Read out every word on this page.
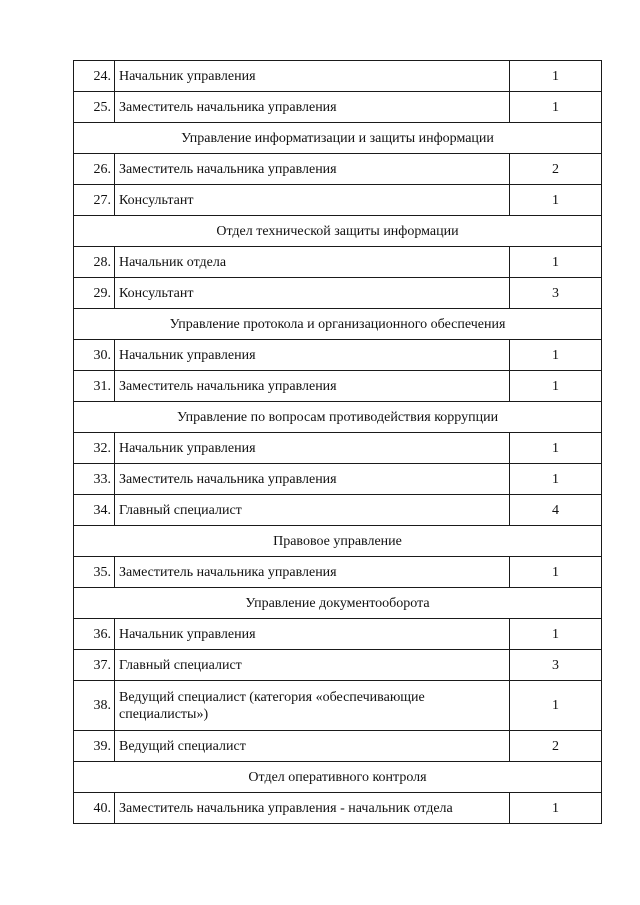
24.	Начальник управления	1
25.	Заместитель начальника управления	1
Управление информатизации и защиты информации		
26.	Заместитель начальника управления	2
27.	Консультант	1
Отдел технической защиты информации		
28.	Начальник отдела	1
29.	Консультант	3
Управление протокола и организационного обеспечения		
30.	Начальник управления	1
31.	Заместитель начальника управления	1
Управление по вопросам противодействия коррупции		
32.	Начальник управления	1
33.	Заместитель начальника управления	1
34.	Главный специалист	4
Правовое управление		
35.	Заместитель начальника управления	1
Управление документооборота		
36.	Начальник управления	1
37.	Главный специалист	3
38.	Ведущий специалист (категория «обеспечивающие специалисты»)	1
39.	Ведущий специалист	2
Отдел оперативного контроля		
40.	Заместитель начальника управления - начальник отдела	1
